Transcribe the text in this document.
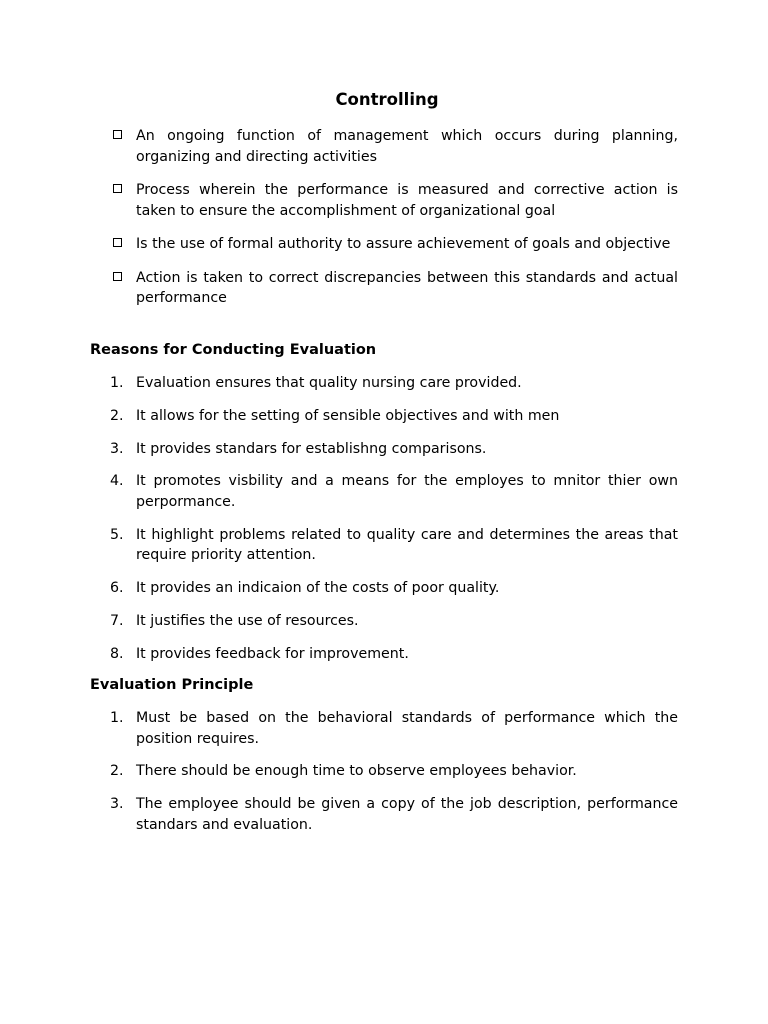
Controlling
An ongoing function of management which occurs during planning, organizing and directing activities
Process wherein the performance is measured and corrective action is taken to ensure the accomplishment of organizational goal
Is the use of formal authority to assure achievement of goals and objective
Action is taken to correct discrepancies between this standards and actual performance
Reasons for Conducting Evaluation
1. Evaluation ensures that quality nursing care provided.
2. It allows for the setting of sensible objectives and with men
3. It provides standars for establishng comparisons.
4. It promotes visbility and a means for the employes to mnitor thier own perpormance.
5. It highlight problems related to quality care and determines the areas that require priority attention.
6. It provides an indicaion of the costs of poor quality.
7. It justifies the use of resources.
8. It provides feedback for improvement.
Evaluation Principle
1. Must be based on the behavioral standards of performance which the position requires.
2. There should be enough time to observe employees behavior.
3. The employee should be given a copy of the job description, performance standars and evaluation.
